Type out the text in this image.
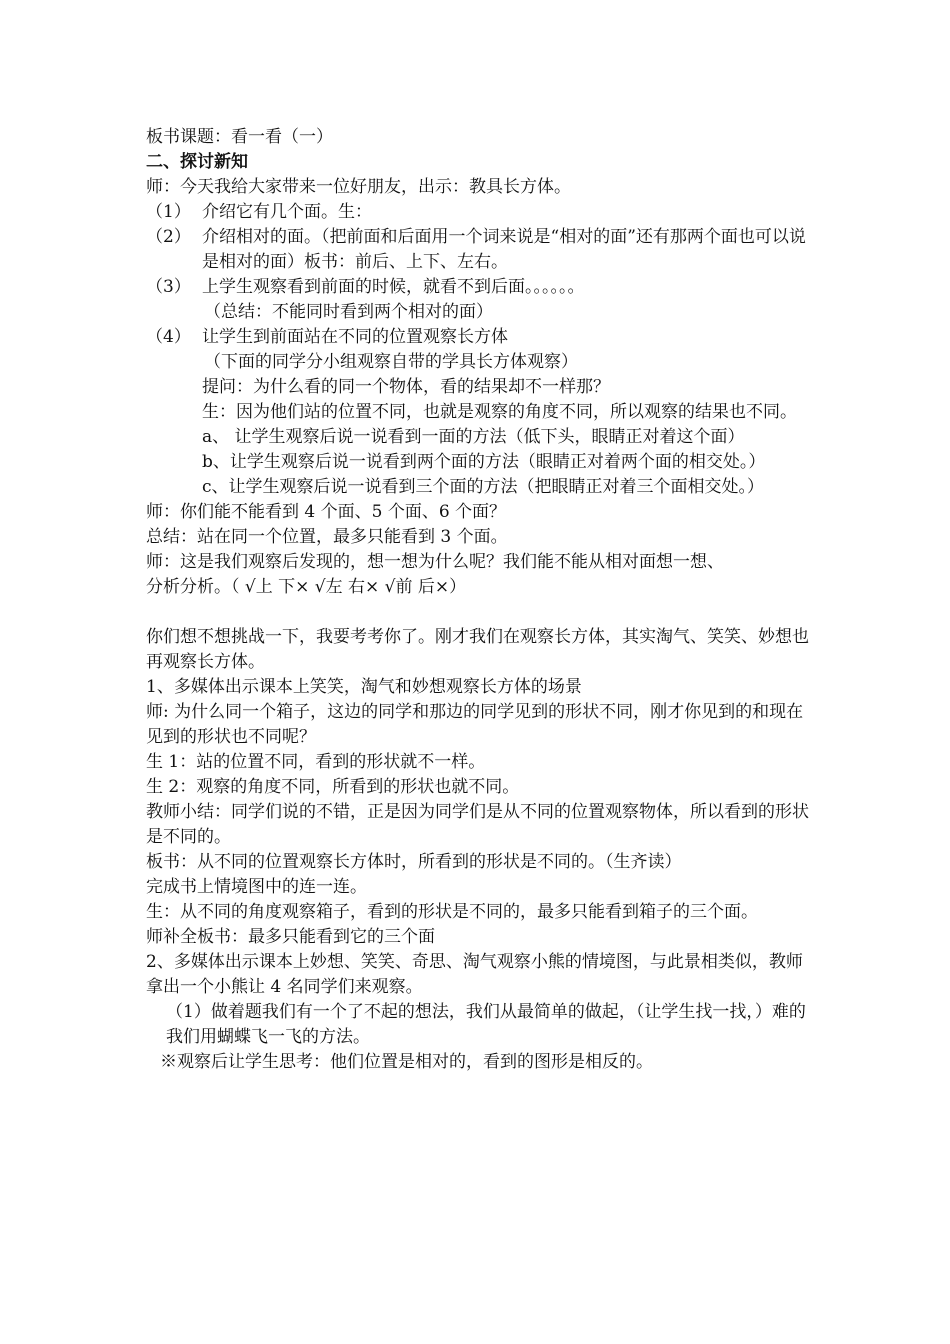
板书课题：看一看（一）
二、探讨新知
师：今天我给大家带来一位好朋友，出示：教具长方体。
（1） 介绍它有几个面。生：
（2） 介绍相对的面。（把前面和后面用一个词来说是“相对的面”还有那两个面也可以说是相对的面）板书：前后、上下、左右。
（3） 上学生观察看到前面的时候，就看不到后面。。。。。。
（总结：不能同时看到两个相对的面）
（4） 让学生到前面站在不同的位置观察长方体
（下面的同学分小组观察自带的学具长方体观察）
提问：为什么看的同一个物体，看的结果却不一样那？
生：因为他们站的位置不同，也就是观察的角度不同，所以观察的结果也不同。
a、 让学生观察后说一说看到一面的方法（低下头，眼睛正对着这个面）
b、让学生观察后说一说看到两个面的方法（眼睛正对着两个面的相交处。）
c、让学生观察后说一说看到三个面的方法（把眼睛正对着三个面相交处。）
师：你们能不能看到 4 个面、5 个面、6 个面？
总结：站在同一个位置，最多只能看到 3 个面。
师：这是我们观察后发现的，想一想为什么呢？我们能不能从相对面想一想、
分析分析。（ √上 下× √左 右× √前 后×）
你们想不想挑战一下，我要考考你了。刚才我们在观察长方体，其实淘气、笑笑、妙想也再观察长方体。
1、多媒体出示课本上笑笑，淘气和妙想观察长方体的场景
师: 为什么同一个箱子，这边的同学和那边的同学见到的形状不同，刚才你见到的和现在见到的形状也不同呢？
生 1：站的位置不同，看到的形状就不一样。
生 2：观察的角度不同，所看到的形状也就不同。
教师小结：同学们说的不错，正是因为同学们是从不同的位置观察物体，所以看到的形状是不同的。
板书：从不同的位置观察长方体时，所看到的形状是不同的。（生齐读）
完成书上情境图中的连一连。
生：从不同的角度观察箱子，看到的形状是不同的，最多只能看到箱子的三个面。
师补全板书：最多只能看到它的三个面
2、多媒体出示课本上妙想、笑笑、奇思、淘气观察小熊的情境图，与此景相类似，教师拿出一个小熊让 4 名同学们来观察。
（1）做着题我们有一个了不起的想法，我们从最简单的做起，（让学生找一找，）难的我们用蝴蝶飞一飞的方法。
※观察后让学生思考：他们位置是相对的，看到的图形是相反的。
